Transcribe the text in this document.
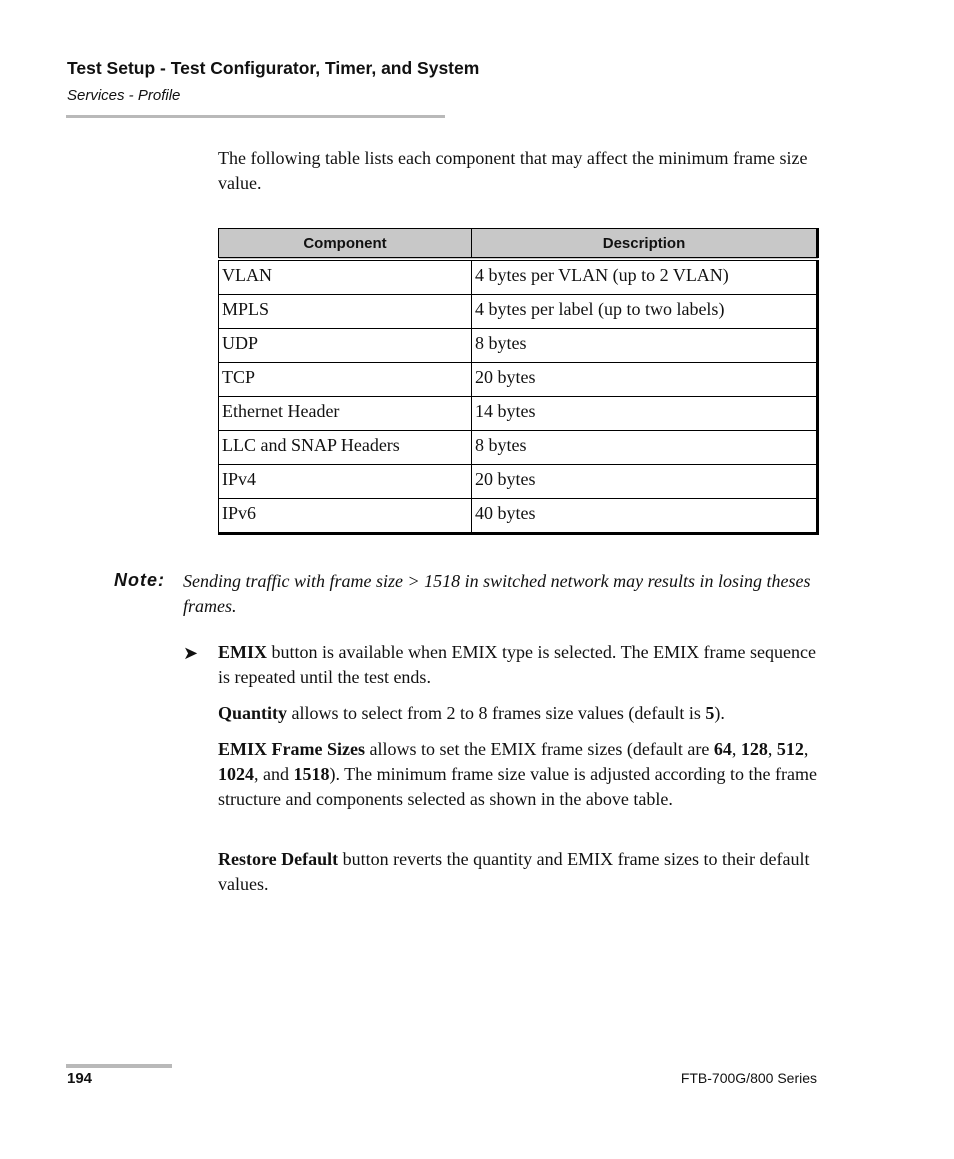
Test Setup - Test Configurator, Timer, and System
Services - Profile
The following table lists each component that may affect the minimum frame size value.
Component	Description
VLAN	4 bytes per VLAN (up to 2 VLAN)
MPLS	4 bytes per label (up to two labels)
UDP	8 bytes
TCP	20 bytes
Ethernet Header	14 bytes
LLC and SNAP Headers	8 bytes
IPv4	20 bytes
IPv6	40 bytes
Note: Sending traffic with frame size > 1518 in switched network may results in losing theses frames.
➤ EMIX button is available when EMIX type is selected. The EMIX frame sequence is repeated until the test ends.
Quantity allows to select from 2 to 8 frames size values (default is 5).
EMIX Frame Sizes allows to set the EMIX frame sizes (default are 64, 128, 512, 1024, and 1518). The minimum frame size value is adjusted according to the frame structure and components selected as shown in the above table.
Restore Default button reverts the quantity and EMIX frame sizes to their default values.
194	FTB-700G/800 Series
